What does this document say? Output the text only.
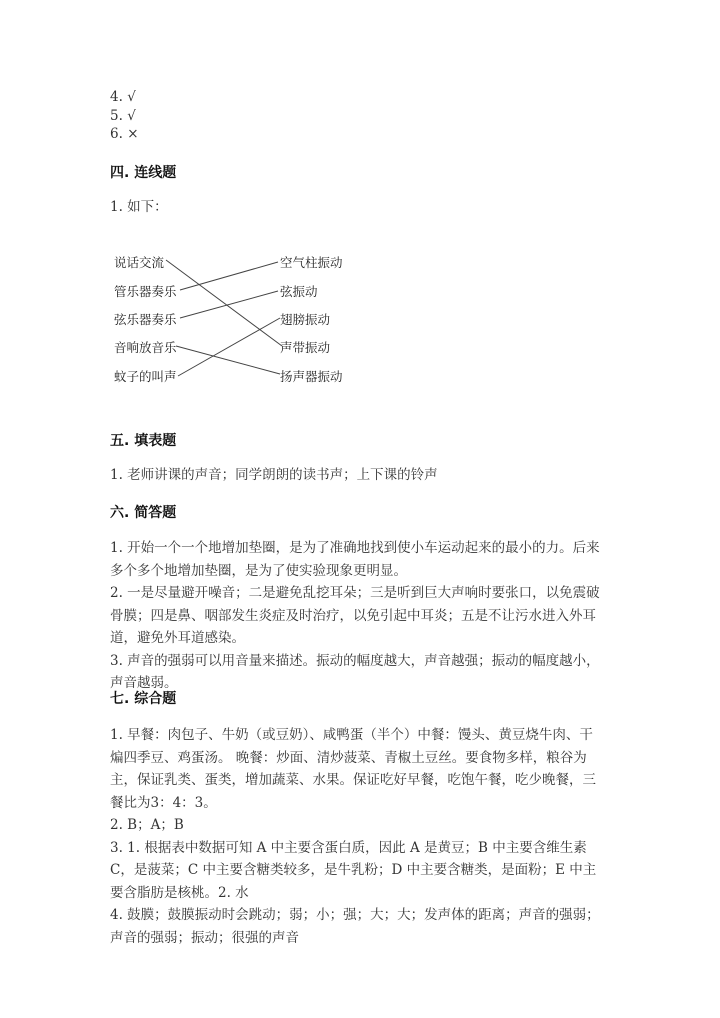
4. √
5. √
6. ×
四. 连线题
1. 如下：
说话交流
管乐器奏乐
弦乐器奏乐
音响放音乐
蚊子的叫声
空气柱振动
弦振动
翅膀振动
声带振动
扬声器振动
五. 填表题
1. 老师讲课的声音；同学朗朗的读书声；上下课的铃声
六. 简答题
1. 开始一个一个地增加垫圈，是为了准确地找到使小车运动起来的最小的力。后来多个多个地增加垫圈，是为了使实验现象更明显。
2. 一是尽量避开噪音；二是避免乱挖耳朵；三是听到巨大声响时要张口，以免震破骨膜；四是鼻、咽部发生炎症及时治疗，以免引起中耳炎；五是不让污水进入外耳道，避免外耳道感染。
3. 声音的强弱可以用音量来描述。振动的幅度越大，声音越强；振动的幅度越小，声音越弱。
七. 综合题
1. 早餐：肉包子、牛奶（或豆奶）、咸鸭蛋（半个）中餐：馒头、黄豆烧牛肉、干煸四季豆、鸡蛋汤。 晚餐：炒面、清炒菠菜、青椒土豆丝。要食物多样，粮谷为主，保证乳类、蛋类，增加蔬菜、水果。保证吃好早餐，吃饱午餐，吃少晚餐，三餐比为3：4：3。
2. B；A；B
3. 1. 根据表中数据可知 A 中主要含蛋白质，因此 A 是黄豆；B 中主要含维生素 C，是菠菜；C 中主要含糖类较多，是牛乳粉；D 中主要含糖类，是面粉；E 中主要含脂肪是核桃。2. 水
4. 鼓膜；鼓膜振动时会跳动；弱；小；强；大；大；发声体的距离；声音的强弱；声音的强弱；振动；很强的声音
